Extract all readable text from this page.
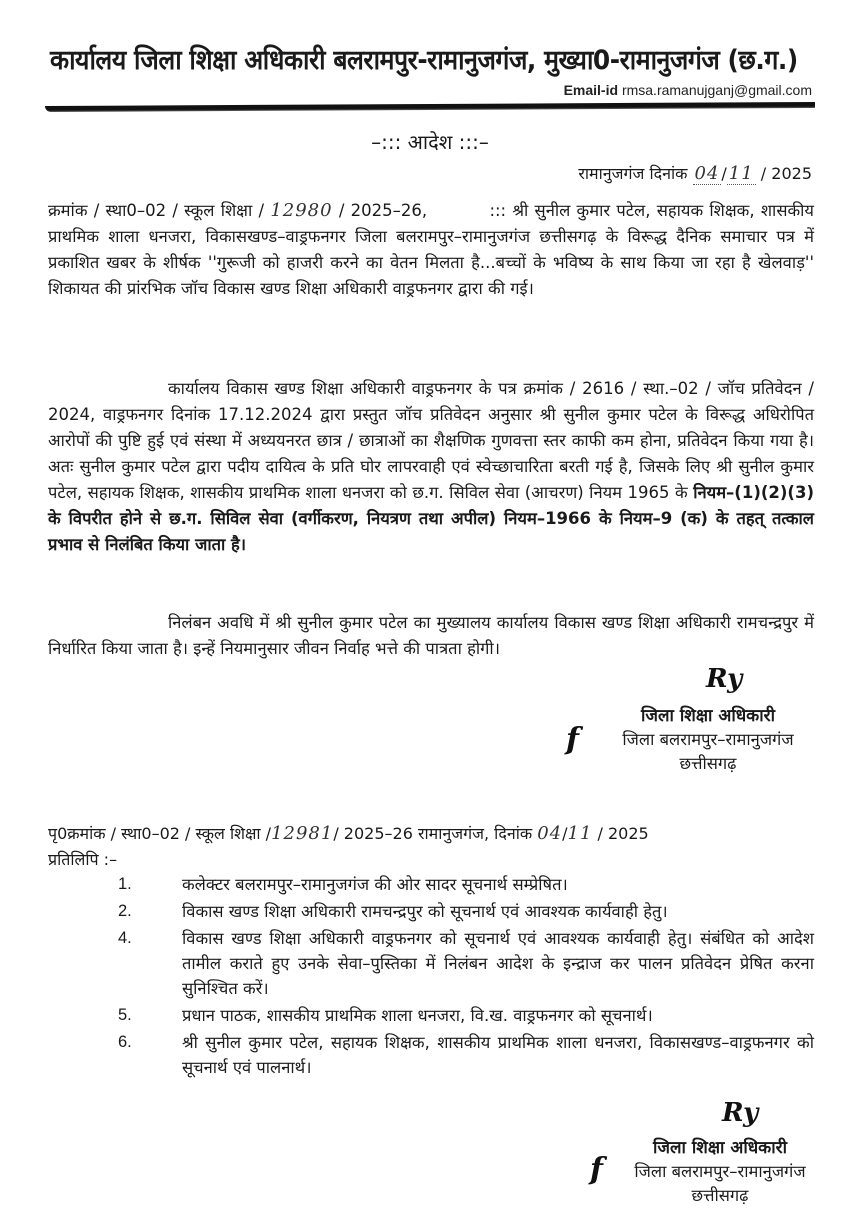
कार्यालय जिला शिक्षा अधिकारी बलरामपुर-रामानुजगंज, मुख्या0-रामानुजगंज (छ.ग.)
Email-id rmsa.ramanujganj@gmail.com
–::: आदेश :::–
रामानुजगंज दिनांक 04 / 11 / 2025

क्रमांक / स्था0–02 / स्कूल शिक्षा / 12980 / 2025–26,	::: श्री सुनील कुमार पटेल, सहायक शिक्षक, शासकीय प्राथमिक शाला धनजरा, विकासखण्ड–वाड्रफनगर जिला बलरामपुर–रामानुजगंज छत्तीसगढ़ के विरूद्ध दैनिक समाचार पत्र में प्रकाशित खबर के शीर्षक ''गुरूजी को हाजरी करने का वेतन मिलता है...बच्चों के भविष्य के साथ किया जा रहा है खेलवाड़'' शिकायत की प्रांरभिक जॉच विकास खण्ड शिक्षा अधिकारी वाड्रफनगर द्वारा की गई।

कार्यालय विकास खण्ड शिक्षा अधिकारी वाड्रफनगर के पत्र क्रमांक / 2616 / स्था.–02 / जॉच प्रतिवेदन / 2024, वाड्रफनगर दिनांक 17.12.2024 द्वारा प्रस्तुत जॉच प्रतिवेदन अनुसार श्री सुनील कुमार पटेल के विरूद्ध अधिरोपित आरोपों की पुष्टि हुई एवं संस्था में अध्ययनरत छात्र / छात्राओं का शैक्षणिक गुणवत्ता स्तर काफी कम होना, प्रतिवेदन किया गया है। अतः सुनील कुमार पटेल द्वारा पदीय दायित्व के प्रति घोर लापरवाही एवं स्वेच्छाचारिता बरती गई है, जिसके लिए श्री सुनील कुमार पटेल, सहायक शिक्षक, शासकीय प्राथमिक शाला धनजरा को छ.ग. सिविल सेवा (आचरण) नियम 1965 के नियम–(1)(2)(3) के विपरीत होने से छ.ग. सिविल सेवा (वर्गीकरण, नियत्रण तथा अपील) नियम–1966 के नियम–9 (क) के तहत् तत्काल प्रभाव से निलंबित किया जाता है।

निलंबन अवधि में श्री सुनील कुमार पटेल का मुख्यालय कार्यालय विकास खण्ड शिक्षा अधिकारी रामचन्द्रपुर में निर्धारित किया जाता है। इन्हें नियमानुसार जीवन निर्वाह भत्ते की पात्रता होगी।

Ry
f
जिला शिक्षा अधिकारी
जिला बलरामपुर–रामानुजगंज
छत्तीसगढ़
पृ0क्रमांक / स्था0–02 / स्कूल शिक्षा /12981/ 2025–26 रामानुजगंज, दिनांक 04/11 / 2025
प्रतिलिपि :–
1.	कलेक्टर बलरामपुर–रामानुजगंज की ओर सादर सूचनार्थ सम्प्रेषित।
2.	विकास खण्ड शिक्षा अधिकारी रामचन्द्रपुर को सूचनार्थ एवं आवश्यक कार्यवाही हेतु।
4.	विकास खण्ड शिक्षा अधिकारी वाड्रफनगर को सूचनार्थ एवं आवश्यक कार्यवाही हेतु। संबंधित को आदेश तामील कराते हुए उनके सेवा–पुस्तिका में निलंबन आदेश के इन्द्राज कर पालन प्रतिवेदन प्रेषित करना सुनिश्चित करें।
5.	प्रधान पाठक, शासकीय प्राथमिक शाला धनजरा, वि.ख. वाड्रफनगर को सूचनार्थ।
6.	श्री सुनील कुमार पटेल, सहायक शिक्षक, शासकीय प्राथमिक शाला धनजरा, विकासखण्ड–वाड्रफनगर को सूचनार्थ एवं पालनार्थ।
Ry
f
जिला शिक्षा अधिकारी
जिला बलरामपुर–रामानुजगंज
छत्तीसगढ़
